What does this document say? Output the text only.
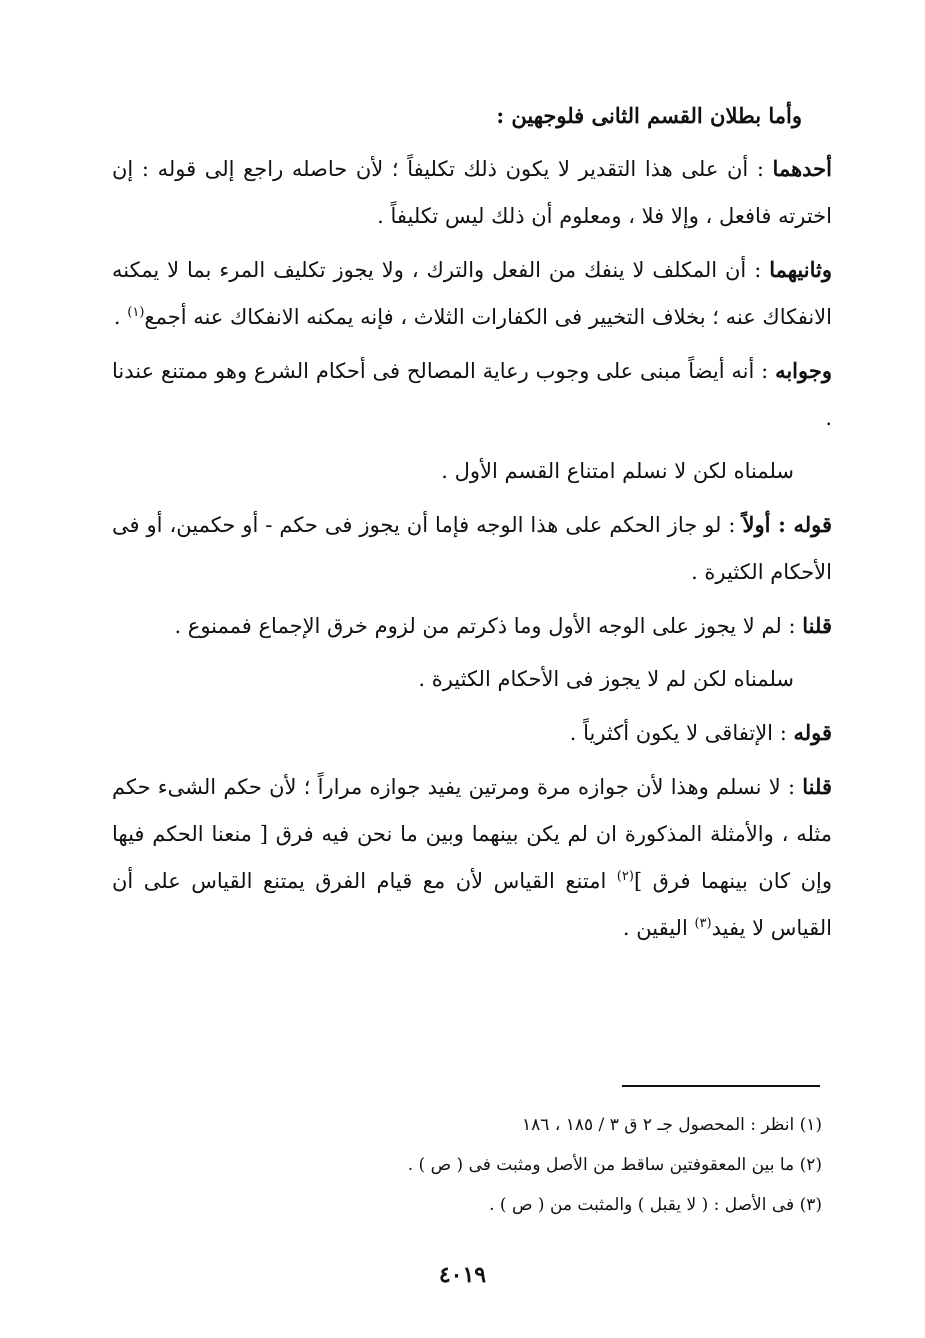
وأما بطلان القسم الثانى فلوجهين :

أحدهما : أن على هذا التقدير لا يكون ذلك تكليفاً ؛ لأن حاصله راجع إلى قوله : إن اخترته فافعل ، وإلا فلا ، ومعلوم أن ذلك ليس تكليفاً .

وثانيهما : أن المكلف لا ينفك من الفعل والترك ، ولا يجوز تكليف المرء بما لا يمكنه الانفكاك عنه ؛ بخلاف التخيير فى الكفارات الثلاث ، فإنه يمكنه الانفكاك عنه أجمع$^{(١)}$ .

وجوابه : أنه أيضاً مبنى على وجوب رعاية المصالح فى أحكام الشرع وهو ممتنع عندنا .

سلمناه لكن لا نسلم امتناع القسم الأول .

قوله : أولاً : لو جاز الحكم على هذا الوجه فإما أن يجوز فى حكم - أو حكمين، أو فى الأحكام الكثيرة .

قلنا : لم لا يجوز على الوجه الأول وما ذكرتم من لزوم خرق الإجماع فممنوع .

سلمناه لكن لم لا يجوز فى الأحكام الكثيرة .

قوله : الإتفاقى لا يكون أكثرياً .

قلنا : لا نسلم وهذا لأن جوازه مرة ومرتين يفيد جوازه مراراً ؛ لأن حكم الشىء حكم مثله ، والأمثلة المذكورة ان لم يكن بينهما وبين ما نحن فيه فرق [ منعنا الحكم فيها وإن كان بينهما فرق ]$^{(٢)}$ امتنع القياس لأن مع قيام الفرق يمتنع القياس على أن القياس لا يفيد$^{(٣)}$ اليقين .

(١) انظر : المحصول جـ ٢ ق ٣ / ١٨٥ ، ١٨٦

(٢) ما بين المعقوفتين ساقط من الأصل ومثبت فى ( ص ) .

(٣) فى الأصل : ( لا يقبل ) والمثبت من ( ص ) .

٤٠١٩
